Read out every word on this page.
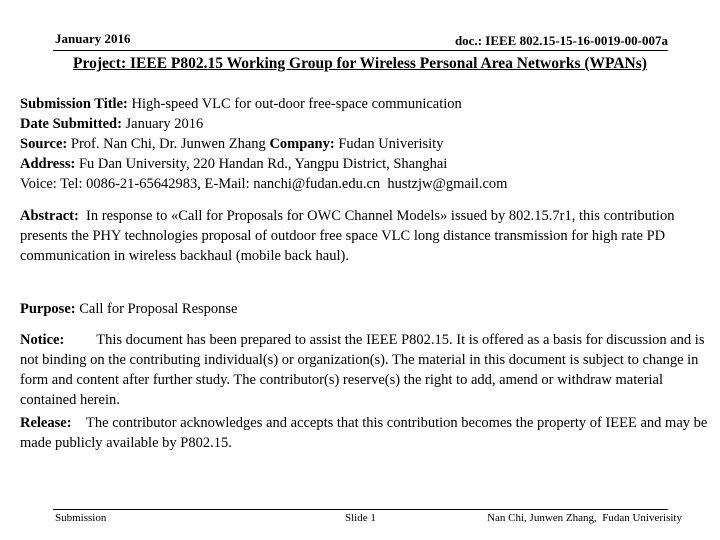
January 2016	doc.: IEEE 802.15-15-16-0019-00-007a
Project: IEEE P802.15 Working Group for Wireless Personal Area Networks (WPANs)
Submission Title: High-speed VLC for out-door free-space communication
Date Submitted: January 2016
Source: Prof. Nan Chi, Dr. Junwen Zhang Company: Fudan Univerisity
Address: Fu Dan University, 220 Handan Rd., Yangpu District, Shanghai
Voice: Tel: 0086-21-65642983, E-Mail: nanchi@fudan.edu.cn  hustzjw@gmail.com
Abstract: In response to «Call for Proposals for OWC Channel Models» issued by 802.15.7r1, this contribution presents the PHY technologies proposal of outdoor free space VLC long distance transmission for high rate PD communication in wireless backhaul (mobile back haul).
Purpose: Call for Proposal Response
Notice: This document has been prepared to assist the IEEE P802.15. It is offered as a basis for discussion and is not binding on the contributing individual(s) or organization(s). The material in this document is subject to change in form and content after further study. The contributor(s) reserve(s) the right to add, amend or withdraw material contained herein.
Release: The contributor acknowledges and accepts that this contribution becomes the property of IEEE and may be made publicly available by P802.15.
Submission	Slide 1	Nan Chi, Junwen Zhang,  Fudan Univerisity
